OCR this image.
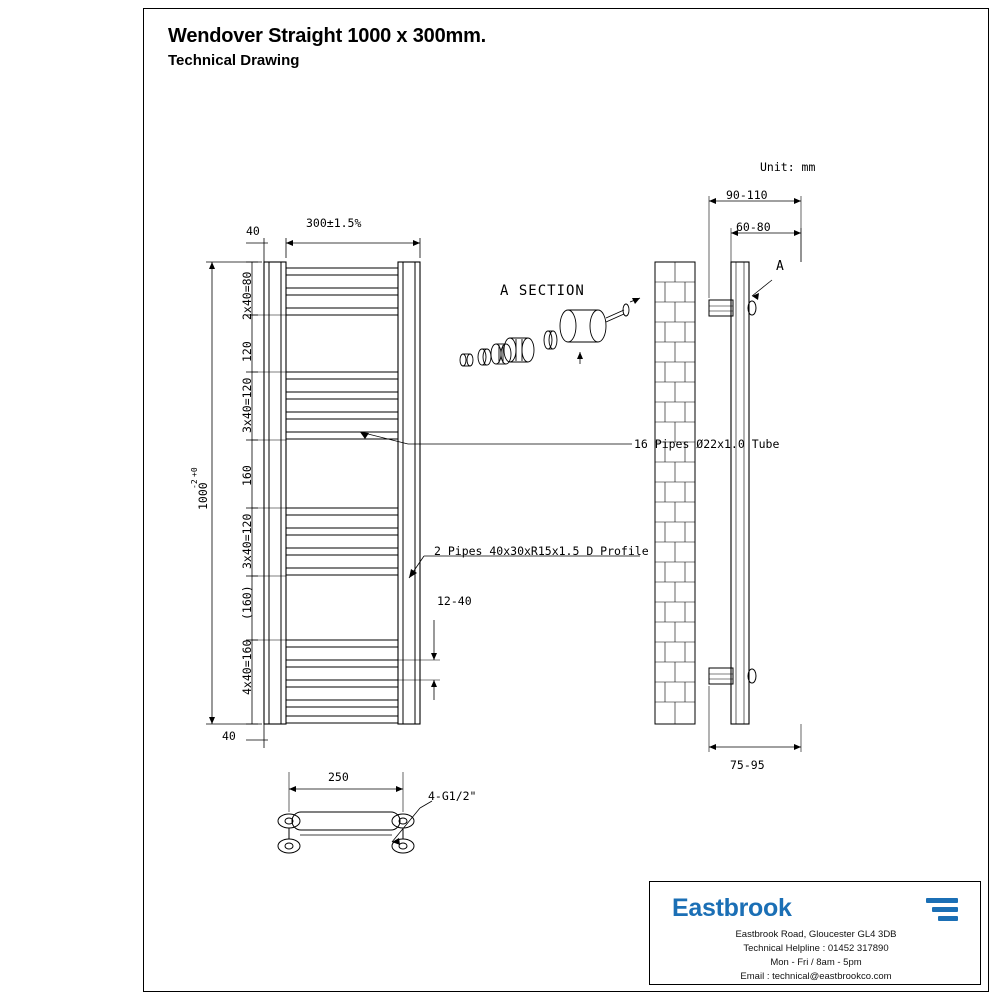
Wendover Straight 1000 x 300mm.
Technical Drawing
Unit: mm
300±1.5%
40
40
1000
+0
-2
2x40=80
120
3x40=120
160
3x40=120
(160)
4x40=160
12-40
A SECTION
A
16 Pipes Ø22x1.0 Tube
2 Pipes 40x30xR15x1.5 D Profile
90-110
60-80
75-95
250
4-G1/2"
Eastbrook
Eastbrook Road, Gloucester GL4 3DB
Technical Helpline : 01452 317890
Mon - Fri / 8am - 5pm
Email : technical@eastbrookco.com
